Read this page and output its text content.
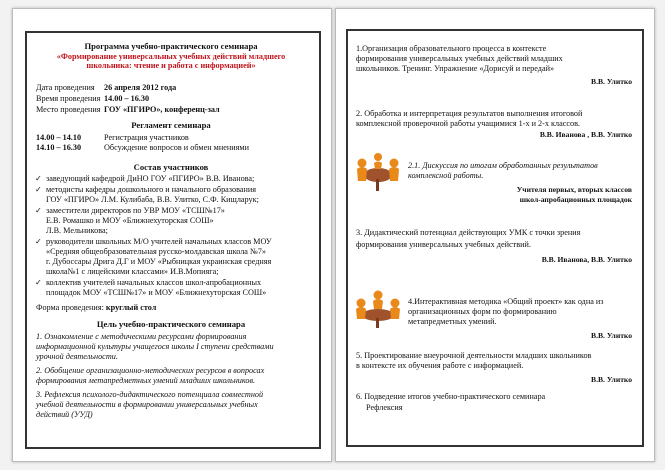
Программа учебно-практического семинара
«Формирование универсальных учебных действий младшего
школьника: чтение и работа с информацией»
Дата проведения 26 апреля 2012 года
Время проведения 14.00 – 16.30
Место проведения ГОУ «ПГИРО», конференц-зал
Регламент семинара
14.00 – 14.10	Регистрация участников
14.10 – 16.30	Обсуждение вопросов и обмен мнениями
Состав участников
✓ заведующий кафедрой ДиНО ГОУ «ПГИРО» В.В. Иванова;
✓ методисты кафедры дошкольного и начального образования
ГОУ «ПГИРО» Л.М. Кулибаба, В.В. Улитко, С.Ф. Кищларук;
✓ заместители директоров по УВР МОУ «ТСШ№17»
Е.В. Ромашко и МОУ «Ближнехуторская СОШ»
Л.В. Мельникова;
✓ руководители школьных М/О учителей начальных классов МОУ
«Средняя общеобразовательная русско-молдавская школа №7»
г. Дубоссары Дрига Д.Г и МОУ «Рыбницкая украинская средняя
школа№1 с лицейскими классами» И.В.Мопияга;
✓ коллектив учителей начальных классов школ-апробационных
площадок МОУ «ТСШ№17» и МОУ «Ближнехуторская СОШ»
Форма проведения: круглый стол
Цель учебно-практического семинара
1. Ознакомление с методическими ресурсами формирования
информационной культуры учащегося школы I ступени средствами
урочной деятельности.
2. Обобщение организационно-методических ресурсов в вопросах
формирования метапредметных умений младших школьников.
3. Рефлексия психолого-дидактического потенциала совместной
учебной деятельности в формировании универсальных учебных
действий (УУД)
1.Организация образовательного процесса в контексте
формирования универсальных учебных действий младших
школьников. Тренинг. Упражнение «Дорисуй и передай»
В.В. Улитко
2. Обработка и интерпретация результатов выполнения итоговой
комплексной проверочной работы учащимися 1-х и 2-х классов.
В.В. Иванова , В.В. Улитко
2.1. Дискуссия по итогам обработанных результатов
комплексной работы.
Учителя первых, вторых классов
школ-апробационных площадок
3. Дидактический потенциал действующих УМК с точки зрения
формирования универсальных учебных действий.
В.В. Иванова, В.В. Улитко
4.Интерактивная методика «Общий проект» как одна из
организационных форм по формированию
метапредметных умений.
В.В. Улитко
5. Проектирование внеурочной деятельности младших школьников
в контексте их обучения работе с информацией.
В.В. Улитко
6. Подведение итогов учебно-практического семинара
Рефлексия
